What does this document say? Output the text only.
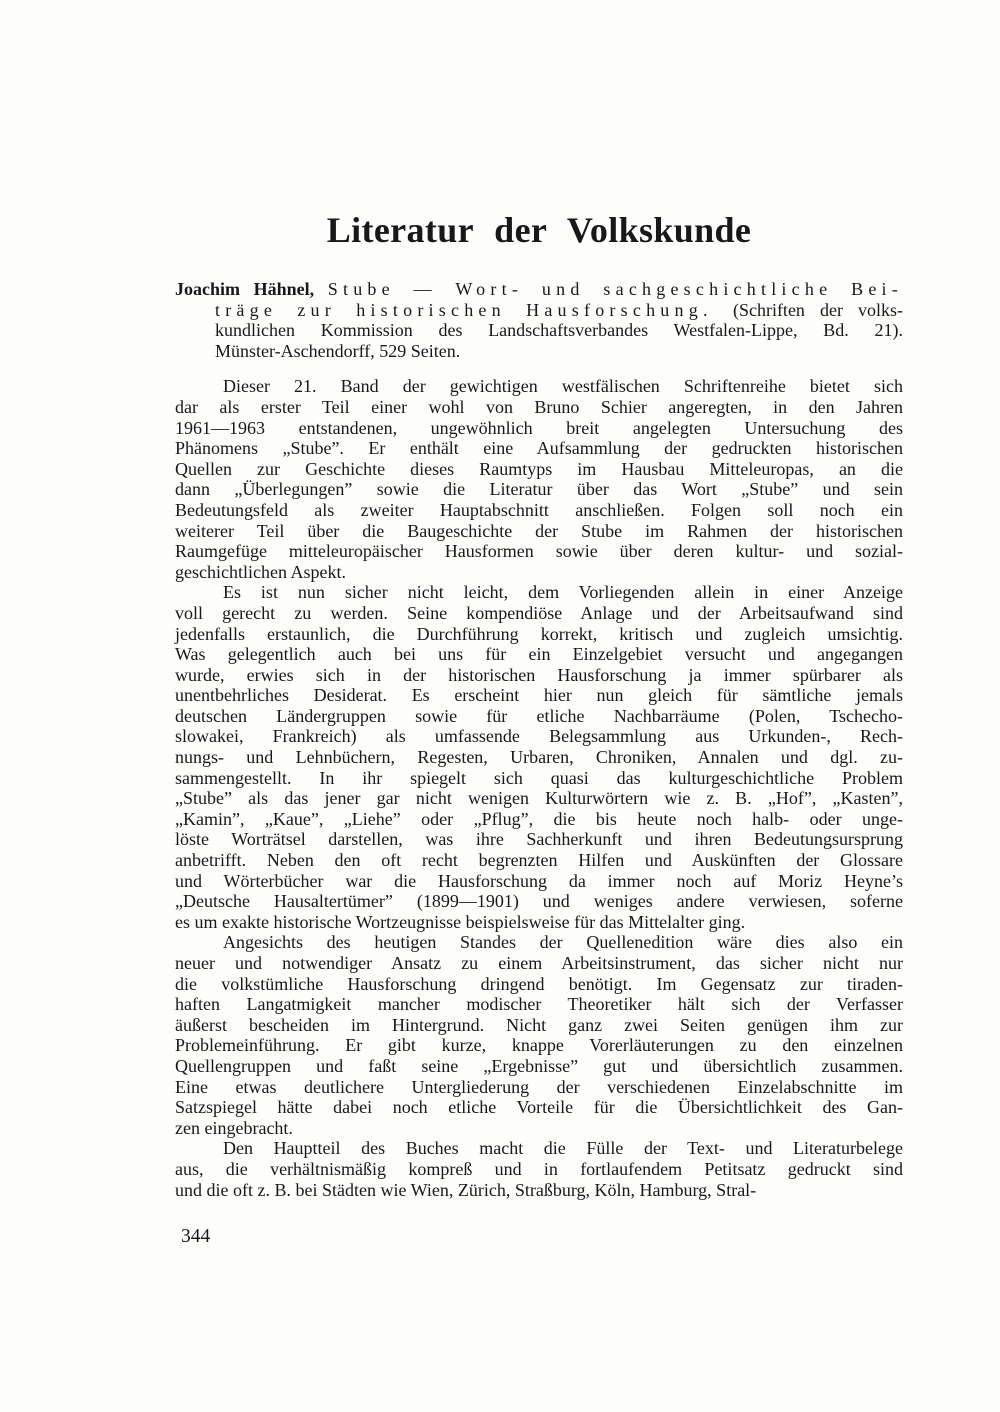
Literatur der Volkskunde
Joachim Hähnel, Stube — Wort- und sachgeschichtliche Bei-
träge zur historischen Hausforschung. (Schriften der volks-
kundlichen Kommission des Landschaftsverbandes Westfalen-Lippe, Bd. 21).
Münster-Aschendorff, 529 Seiten.
Dieser 21. Band der gewichtigen westfälischen Schriftenreihe bietet sich
dar als erster Teil einer wohl von Bruno Schier angeregten, in den Jahren
1961—1963 entstandenen, ungewöhnlich breit angelegten Untersuchung des
Phänomens „Stube”. Er enthält eine Aufsammlung der gedruckten historischen
Quellen zur Geschichte dieses Raumtyps im Hausbau Mitteleuropas, an die
dann „Überlegungen” sowie die Literatur über das Wort „Stube” und sein
Bedeutungsfeld als zweiter Hauptabschnitt anschließen. Folgen soll noch ein
weiterer Teil über die Baugeschichte der Stube im Rahmen der historischen
Raumgefüge mitteleuropäischer Hausformen sowie über deren kultur- und sozial-
geschichtlichen Aspekt.
Es ist nun sicher nicht leicht, dem Vorliegenden allein in einer Anzeige
voll gerecht zu werden. Seine kompendiöse Anlage und der Arbeitsaufwand sind
jedenfalls erstaunlich, die Durchführung korrekt, kritisch und zugleich umsichtig.
Was gelegentlich auch bei uns für ein Einzelgebiet versucht und angegangen
wurde, erwies sich in der historischen Hausforschung ja immer spürbarer als
unentbehrliches Desiderat. Es erscheint hier nun gleich für sämtliche jemals
deutschen Ländergruppen sowie für etliche Nachbarräume (Polen, Tschecho-
slowakei, Frankreich) als umfassende Belegsammlung aus Urkunden-, Rech-
nungs- und Lehnbüchern, Regesten, Urbaren, Chroniken, Annalen und dgl. zu-
sammengestellt. In ihr spiegelt sich quasi das kulturgeschichtliche Problem
„Stube” als das jener gar nicht wenigen Kulturwörtern wie z. B. „Hof”, „Kasten”,
„Kamin”, „Kaue”, „Liehe” oder „Pflug”, die bis heute noch halb- oder unge-
löste Worträtsel darstellen, was ihre Sachherkunft und ihren Bedeutungsursprung
anbetrifft. Neben den oft recht begrenzten Hilfen und Auskünften der Glossare
und Wörterbücher war die Hausforschung da immer noch auf Moriz Heyne’s
„Deutsche Hausaltertümer” (1899—1901) und weniges andere verwiesen, soferne
es um exakte historische Wortzeugnisse beispielsweise für das Mittelalter ging.
Angesichts des heutigen Standes der Quellenedition wäre dies also ein
neuer und notwendiger Ansatz zu einem Arbeitsinstrument, das sicher nicht nur
die volkstümliche Hausforschung dringend benötigt. Im Gegensatz zur tiraden-
haften Langatmigkeit mancher modischer Theoretiker hält sich der Verfasser
äußerst bescheiden im Hintergrund. Nicht ganz zwei Seiten genügen ihm zur
Problemeinführung. Er gibt kurze, knappe Vorerläuterungen zu den einzelnen
Quellengruppen und faßt seine „Ergebnisse” gut und übersichtlich zusammen.
Eine etwas deutlichere Untergliederung der verschiedenen Einzelabschnitte im
Satzspiegel hätte dabei noch etliche Vorteile für die Übersichtlichkeit des Gan-
zen eingebracht.
Den Hauptteil des Buches macht die Fülle der Text- und Literaturbelege
aus, die verhältnismäßig kompreß und in fortlaufendem Petitsatz gedruckt sind
und die oft z. B. bei Städten wie Wien, Zürich, Straßburg, Köln, Hamburg, Stral-
344
